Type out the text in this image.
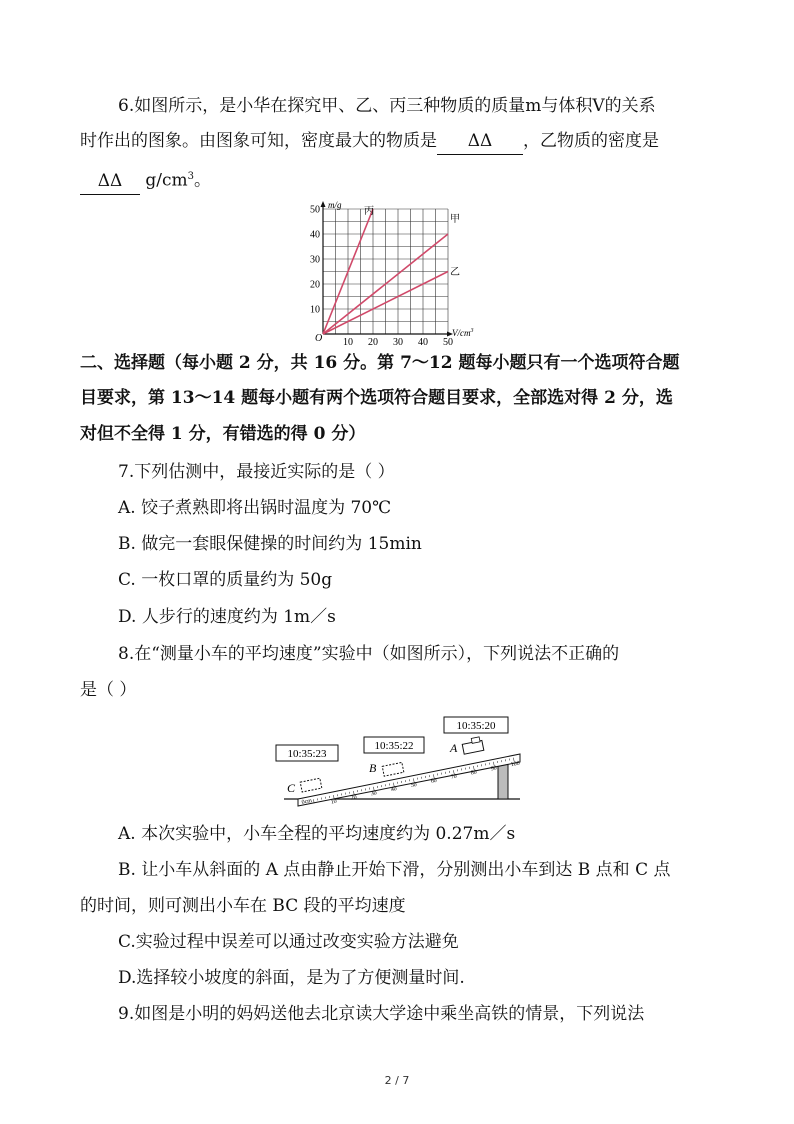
6.如图所示，是小华在探究甲、乙、丙三种物质的质量m与体积V的关系
时作出的图象。由图象可知，密度最大的物质是 ΔΔ ，乙物质的密度是
ΔΔ $g/cm^3$。
10
20
30
40
50
10 20 30 40 50
O
m/g
$V/cm^3$
丙
甲
乙
二、选择题（每小题 2 分，共 16 分。第 7～12 题每小题只有一个选项符合题
目要求，第 13～14 题每小题有两个选项符合题目要求，全部选对得 2 分，选
对但不全得 1 分，有错选的得 0 分）
7.下列估测中，最接近实际的是（ ）
A. 饺子煮熟即将出锅时温度为 70℃
B. 做完一套眼保健操的时间约为 15min
C. 一枚口罩的质量约为 50g
D. 人步行的速度约为 1m／s
8.在“测量小车的平均速度”实验中（如图所示），下列说法不正确的
是（ ）
10:35:23
10:35:22
10:35:20
0cm	10
20
30
40
50
60
70
80
90
100
A
B
C
A. 本次实验中，小车全程的平均速度约为 0.27m／s
B. 让小车从斜面的 A 点由静止开始下滑，分别测出小车到达 B 点和 C 点
的时间，则可测出小车在 BC 段的平均速度
C.实验过程中误差可以通过改变实验方法避免
D.选择较小坡度的斜面，是为了方便测量时间.
9.如图是小明的妈妈送他去北京读大学途中乘坐高铁的情景，下列说法
2 / 7
